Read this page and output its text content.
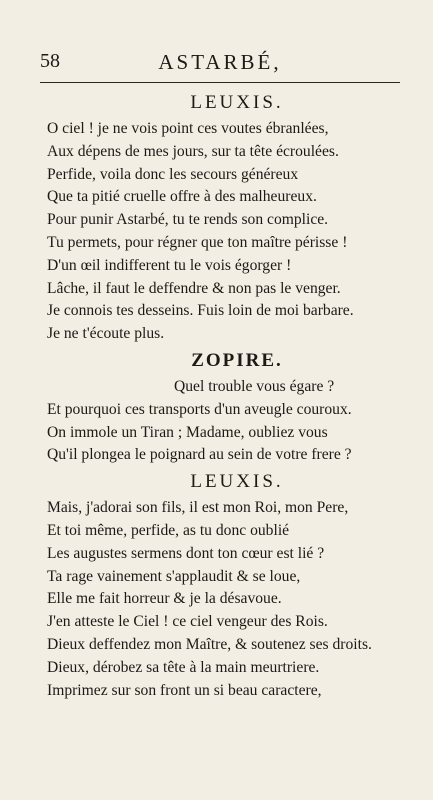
58	ASTARBÉ,
LEUXIS.
O ciel ! je ne vois point ces voutes ébranlées,
Aux dépens de mes jours, sur ta tête écroulées.
Perfide, voila donc les secours généreux
Que ta pitié cruelle offre à des malheureux.
Pour punir Astarbé, tu te rends son complice.
Tu permets, pour régner que ton maître périsse !
D'un œil indifferent tu le vois égorger !
Lâche, il faut le deffendre & non pas le venger.
Je connois tes desseins. Fuis loin de moi barbare.
Je ne t'écoute plus.
ZOPIRE.
Quel trouble vous égare ?
Et pourquoi ces transports d'un aveugle couroux.
On immole un Tiran ; Madame, oubliez vous
Qu'il plongea le poignard au sein de votre frere ?
LEUXIS.
Mais, j'adorai son fils, il est mon Roi, mon Pere,
Et toi même, perfide, as tu donc oublié
Les augustes sermens dont ton cœur est lié ?
Ta rage vainement s'applaudit & se loue,
Elle me fait horreur & je la désavoue.
J'en atteste le Ciel ! ce ciel vengeur des Rois.
Dieux deffendez mon Maître, & soutenez ses droits.
Dieux, dérobez sa tête à la main meurtriere.
Imprimez sur son front un si beau caractere,
